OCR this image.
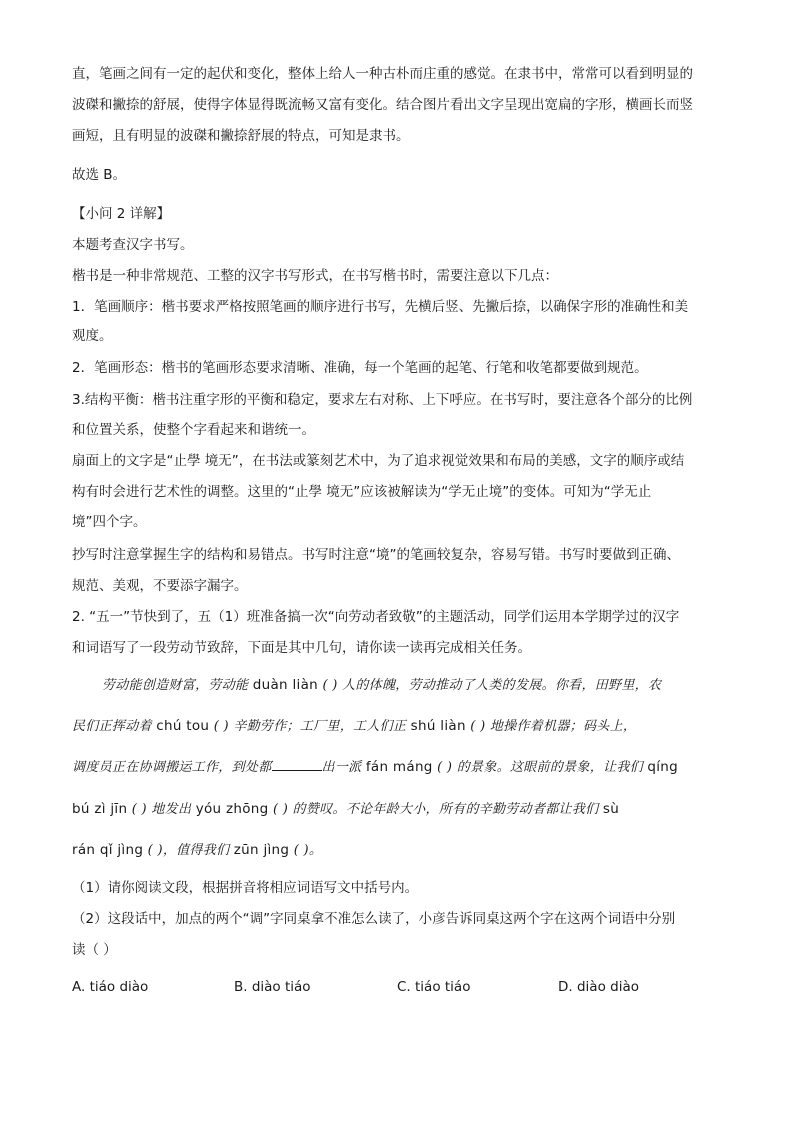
直，笔画之间有一定的起伏和变化，整体上给人一种古朴而庄重的感觉。在隶书中，常常可以看到明显的
波磔和撇捺的舒展，使得字体显得既流畅又富有变化。结合图片看出文字呈现出宽扁的字形，横画长而竖
画短，且有明显的波磔和撇捺舒展的特点，可知是隶书。
故选 B。
【小问 2 详解】
本题考查汉字书写。
楷书是一种非常规范、工整的汉字书写形式，在书写楷书时，需要注意以下几点：
1．笔画顺序：楷书要求严格按照笔画的顺序进行书写，先横后竖、先撇后捺，以确保字形的准确性和美
观度。
2．笔画形态：楷书的笔画形态要求清晰、准确，每一个笔画的起笔、行笔和收笔都要做到规范。
3.结构平衡：楷书注重字形的平衡和稳定，要求左右对称、上下呼应。在书写时，要注意各个部分的比例
和位置关系，使整个字看起来和谐统一。
扇面上的文字是“止學 境无”，在书法或篆刻艺术中，为了追求视觉效果和布局的美感，文字的顺序或结
构有时会进行艺术性的调整。这里的“止學 境无”应该被解读为“学无止境”的变体。可知为“学无止
境”四个字。
抄写时注意掌握生字的结构和易错点。书写时注意“境”的笔画较复杂，容易写错。书写时要做到正确、
规范、美观，不要添字漏字。
2. “五一”节快到了，五（1）班准备搞一次“向劳动者致敬”的主题活动，同学们运用本学期学过的汉字
和词语写了一段劳动节致辞，下面是其中几句，请你读一读再完成相关任务。
劳动能创造财富，劳动能 duàn liàn ( ) 人的体魄，劳动推动了人类的发展。你看，田野里，农
民们正挥动着 chú tou ( ) 辛勤劳作；工厂里，工人们正 shú liàn ( ) 地操作着机器；码头上，
调度员正在协调搬运工作，到处都	出一派 fán máng ( ) 的景象。这眼前的景象，让我们 qíng
bú zì jīn ( ) 地发出 yóu zhōng ( ) 的赞叹。不论年龄大小，所有的辛勤劳动者都让我们 sù
rán qǐ jìng ( )，值得我们 zūn jìng ( )。
（1）请你阅读文段，根据拼音将相应词语写文中括号内。
（2）这段话中，加点的两个“调”字同桌拿不准怎么读了，小彦告诉同桌这两个字在这两个词语中分别
读（ ）
A. tiáo diào	B. diào tiáo	C. tiáo tiáo	D. diào diào
